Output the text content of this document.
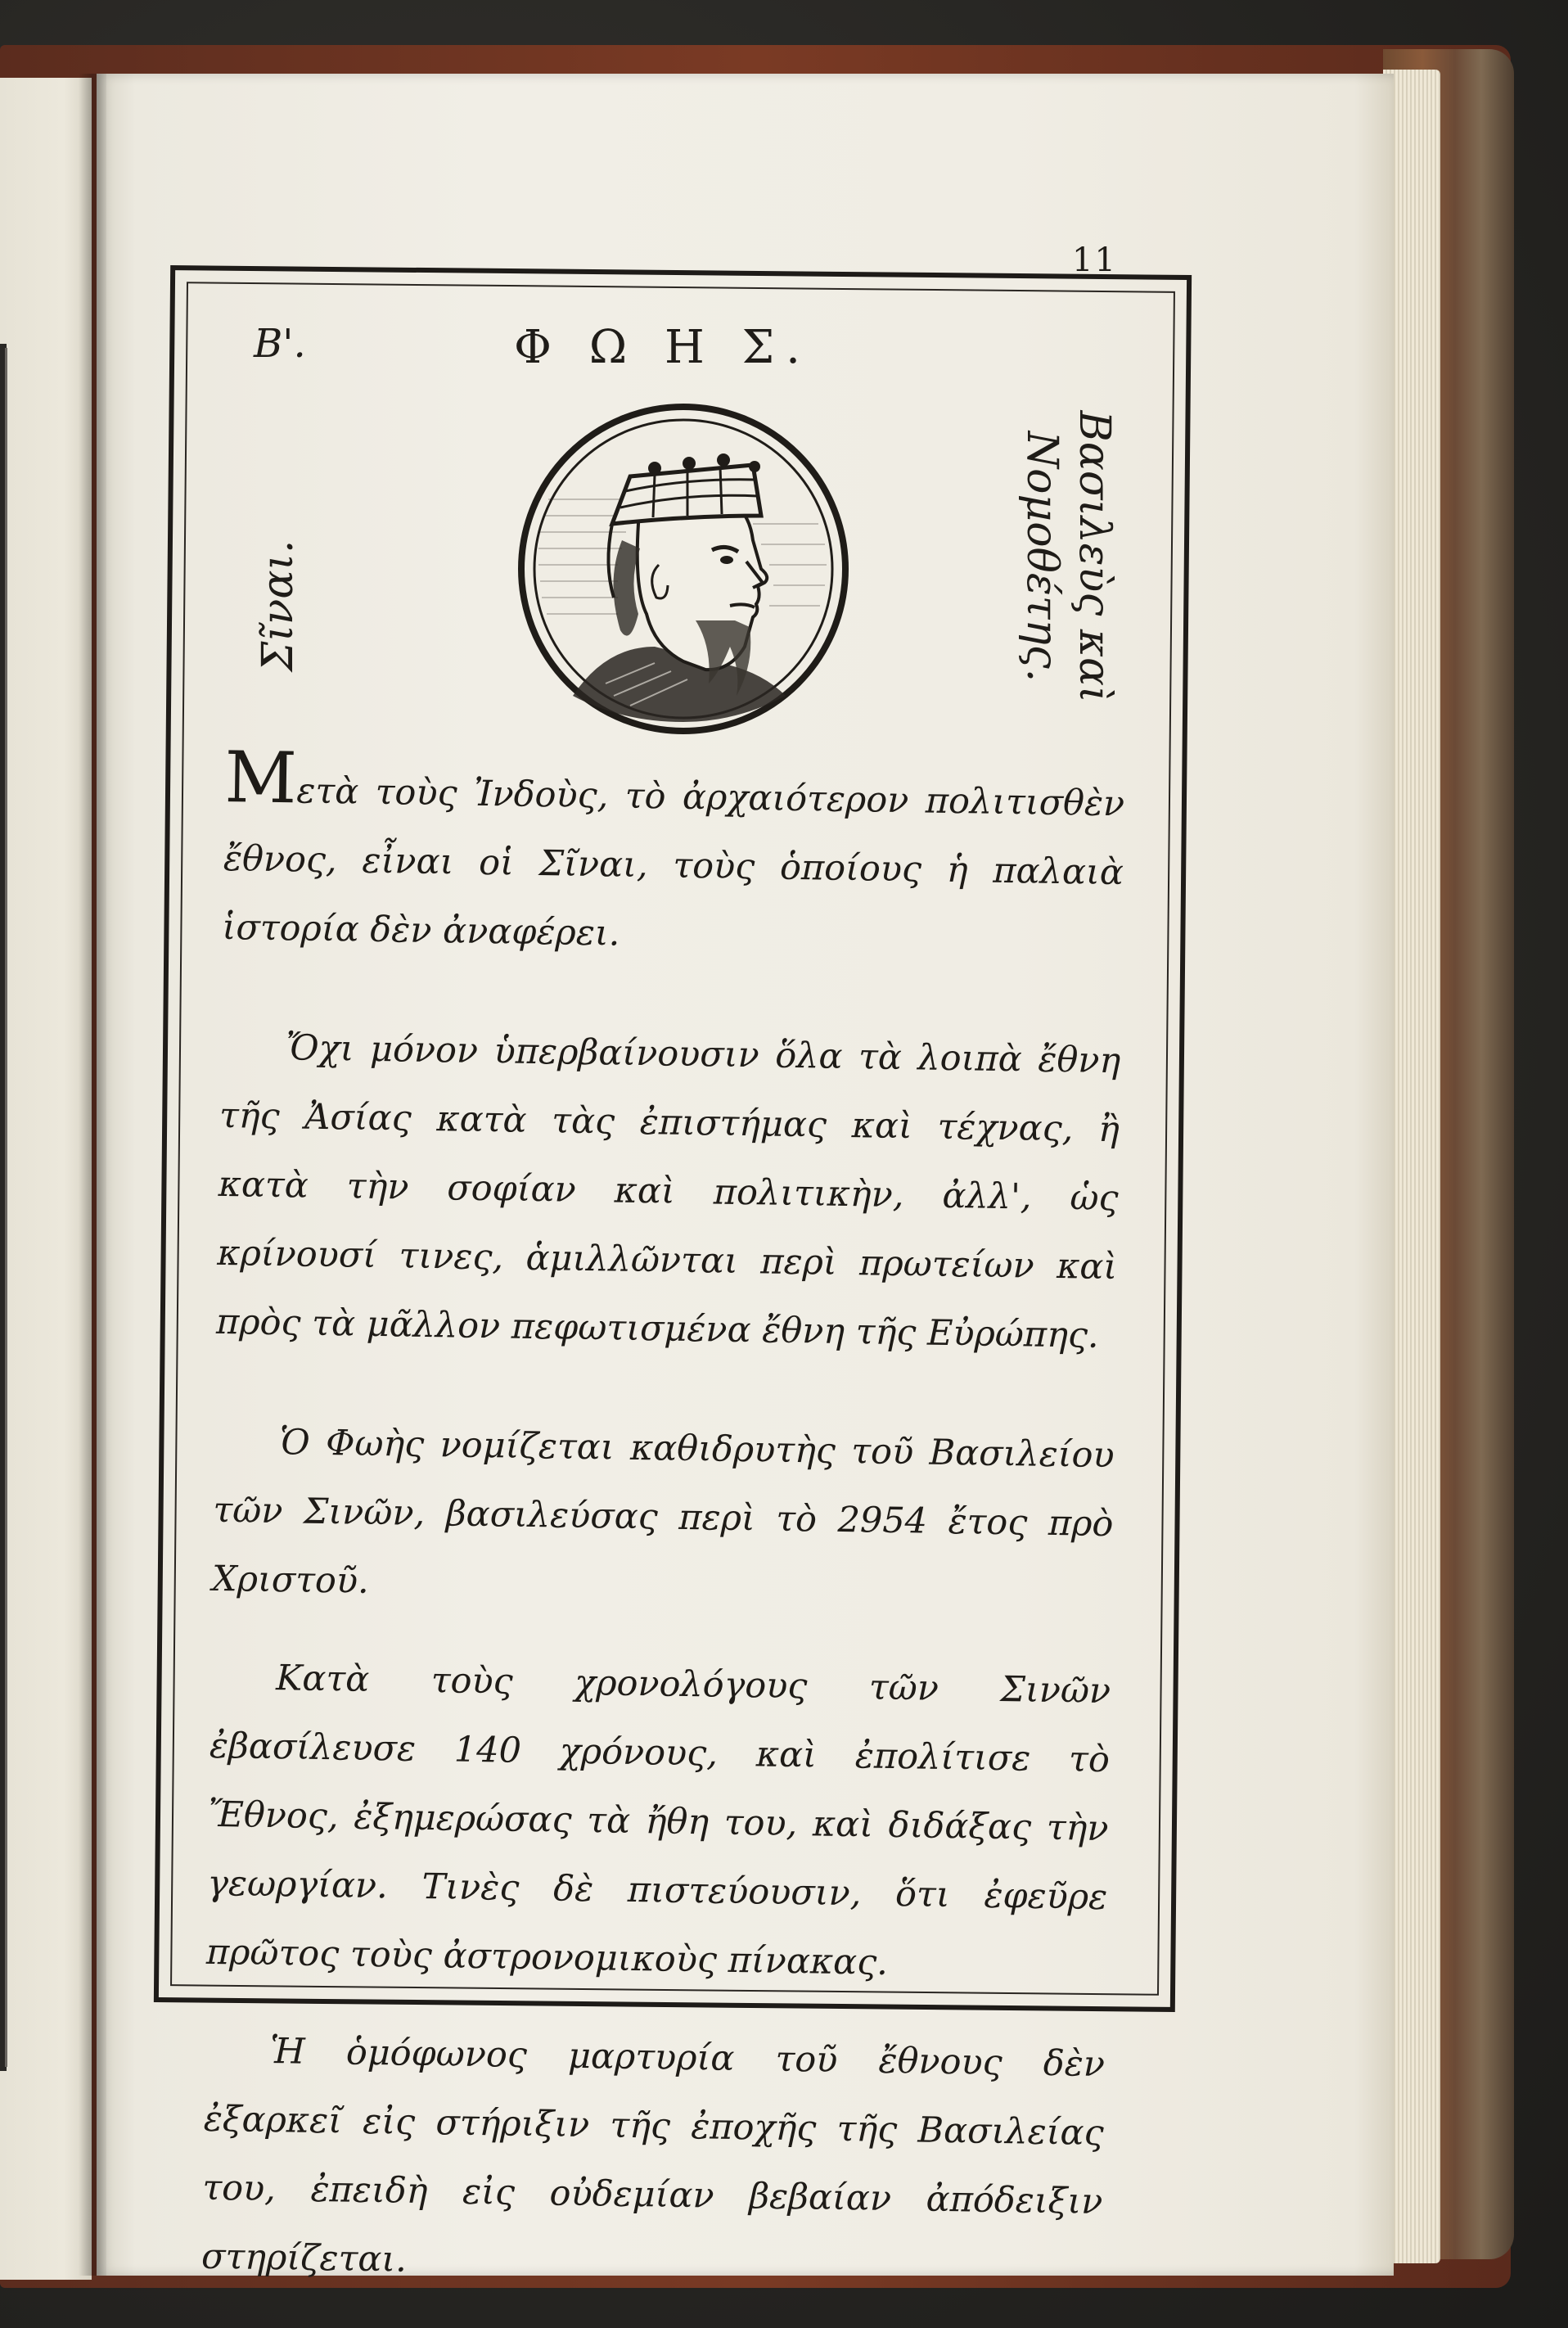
11
Β'.	Φ Ω Η Σ.
Σῖναι.	Βασιλεὺς καὶ
Νομοθέτης.

Mετὰ τοὺς Ἰνδοὺς, τὸ ἀρχαιότερον πολιτισθὲν ἔθνος, εἶναι οἱ Σῖναι, τοὺς ὁποίους ἡ παλαιὰ ἱστορία δὲν ἀναφέρει.

Ὄχι μόνον ὑπερβαίνουσιν ὅλα τὰ λοιπὰ ἔθνη τῆς Ἀσίας κατὰ τὰς ἐπιστήμας καὶ τέχνας, ἢ κατὰ τὴν σοφίαν καὶ πολιτικὴν, ἀλλ', ὡς κρίνουσί τινες, ἁμιλλῶνται περὶ πρωτείων καὶ πρὸς τὰ μᾶλλον πεφωτισμένα ἔθνη τῆς Εὐρώπης.

Ὁ Φωὴς νομίζεται καθιδρυτὴς τοῦ Βασιλείου τῶν Σινῶν, βασιλεύσας περὶ τὸ 2954 ἔτος πρὸ Χριστοῦ.

Κατὰ τοὺς χρονολόγους τῶν Σινῶν ἐβασίλευσε 140 χρόνους, καὶ ἐπολίτισε τὸ Ἔθνος, ἐξημερώσας τὰ ἤθη του, καὶ διδάξας τὴν γεωργίαν. Τινὲς δὲ πιστεύουσιν, ὅτι ἐφεῦρε πρῶτος τοὺς ἀστρονομικοὺς πίνακας.

Ἡ ὁμόφωνος μαρτυρία τοῦ ἔθνους δὲν ἐξαρκεῖ εἰς στήριξιν τῆς ἐποχῆς τῆς Βασιλείας του, ἐπειδὴ εἰς οὐδεμίαν βεβαίαν ἀπόδειξιν στηρίζεται.
